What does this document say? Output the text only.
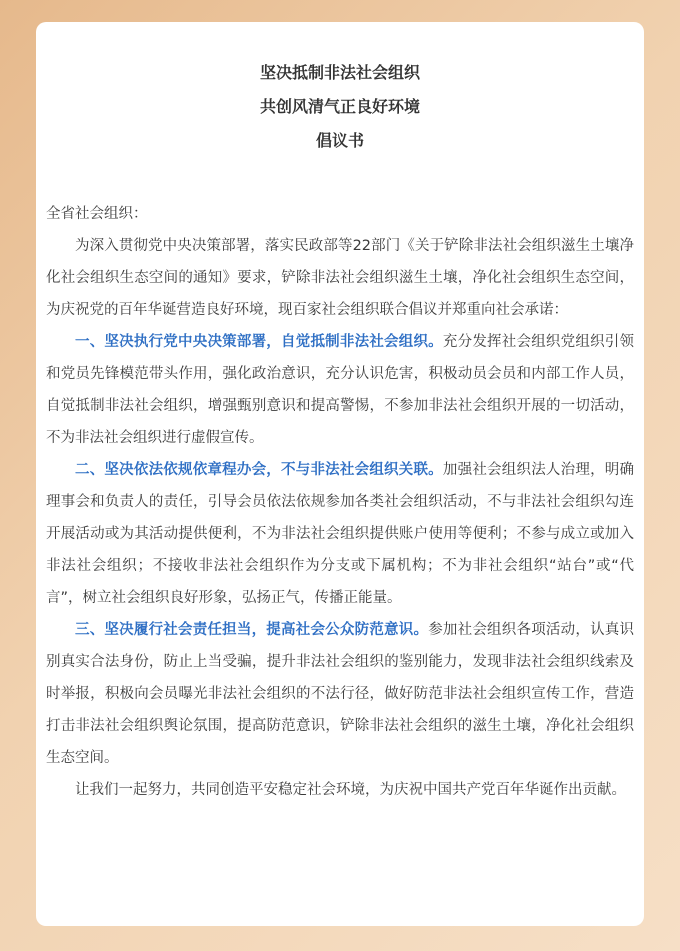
坚决抵制非法社会组织
共创风清气正良好环境
倡议书

全省社会组织：

为深入贯彻党中央决策部署，落实民政部等22部门《关于铲除非法社会组织滋生土壤净化社会组织生态空间的通知》要求，铲除非法社会组织滋生土壤，净化社会组织生态空间，为庆祝党的百年华诞营造良好环境，现百家社会组织联合倡议并郑重向社会承诺：

一、坚决执行党中央决策部署，自觉抵制非法社会组织。充分发挥社会组织党组织引领和党员先锋模范带头作用，强化政治意识，充分认识危害，积极动员会员和内部工作人员，自觉抵制非法社会组织，增强甄别意识和提高警惕，不参加非法社会组织开展的一切活动，不为非法社会组织进行虚假宣传。

二、坚决依法依规依章程办会，不与非法社会组织关联。加强社会组织法人治理，明确理事会和负责人的责任，引导会员依法依规参加各类社会组织活动，不与非法社会组织勾连开展活动或为其活动提供便利，不为非法社会组织提供账户使用等便利；不参与成立或加入非法社会组织；不接收非法社会组织作为分支或下属机构；不为非社会组织“站台”或“代言”，树立社会组织良好形象，弘扬正气，传播正能量。

三、坚决履行社会责任担当，提高社会公众防范意识。参加社会组织各项活动，认真识别真实合法身份，防止上当受骗，提升非法社会组织的鉴别能力，发现非法社会组织线索及时举报，积极向会员曝光非法社会组织的不法行径，做好防范非法社会组织宣传工作，营造打击非法社会组织舆论氛围，提高防范意识，铲除非法社会组织的滋生土壤，净化社会组织生态空间。

让我们一起努力，共同创造平安稳定社会环境，为庆祝中国共产党百年华诞作出贡献。
